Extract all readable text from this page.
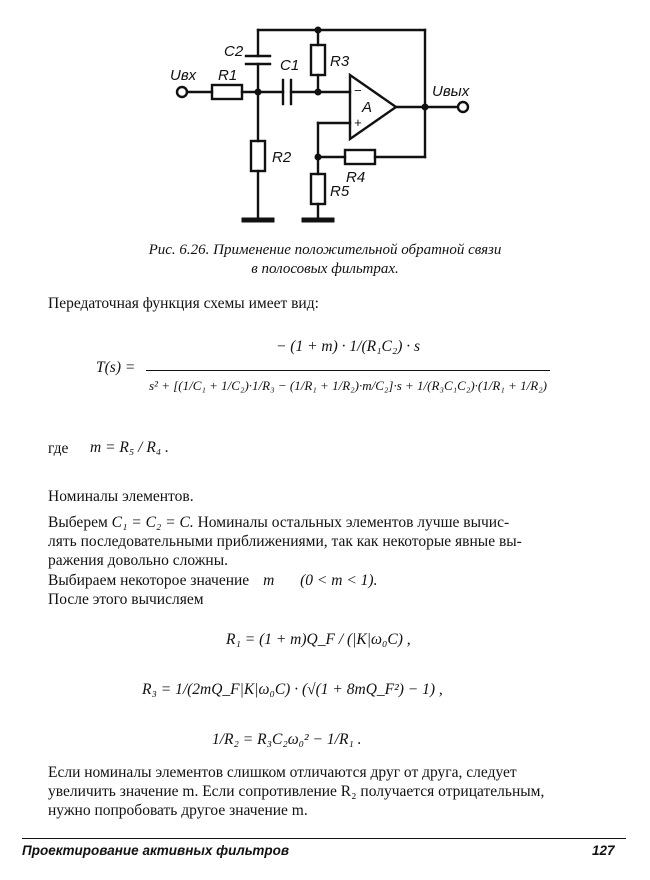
Uвх
Uвых
R1
C2
C1 R3
R2
R4
R5
A
−
+
Рис. 6.26. Применение положительной обратной связи
в полосовых фильтрах.
Передаточная функция схемы имеет вид:
T(s) =
− (1 + m) · 1/(R₁C₂) · s
s² + [(1/C₁ + 1/C₂)·1/R₃ − (1/R₁ + 1/R₂)·m/C₂]·s + 1/(R₃C₁C₂)·(1/R₁ + 1/R₂)
где m = R₅ / R₄ .
Номиналы элементов.
Выберем C₁ = C₂ = C. Номиналы остальных элементов лучше вычис-
лять последовательными приближениями, так как некоторые явные вы-
ражения довольно сложны.
Выбираем некоторое значение m (0 < m < 1).
После этого вычисляем
R₁ = (1 + m)Q_F / (|K|ω₀C) ,
R₃ = 1/(2mQ_F|K|ω₀C) · (√(1 + 8mQ_F²) − 1) ,
1/R₂ = R₃C₂ω₀² − 1/R₁ .
Если номиналы элементов слишком отличаются друг от друга, следует
увеличить значение m. Если сопротивление R₂ получается отрицательным,
нужно попробовать другое значение m.
Проектирование активных фильтров	127
